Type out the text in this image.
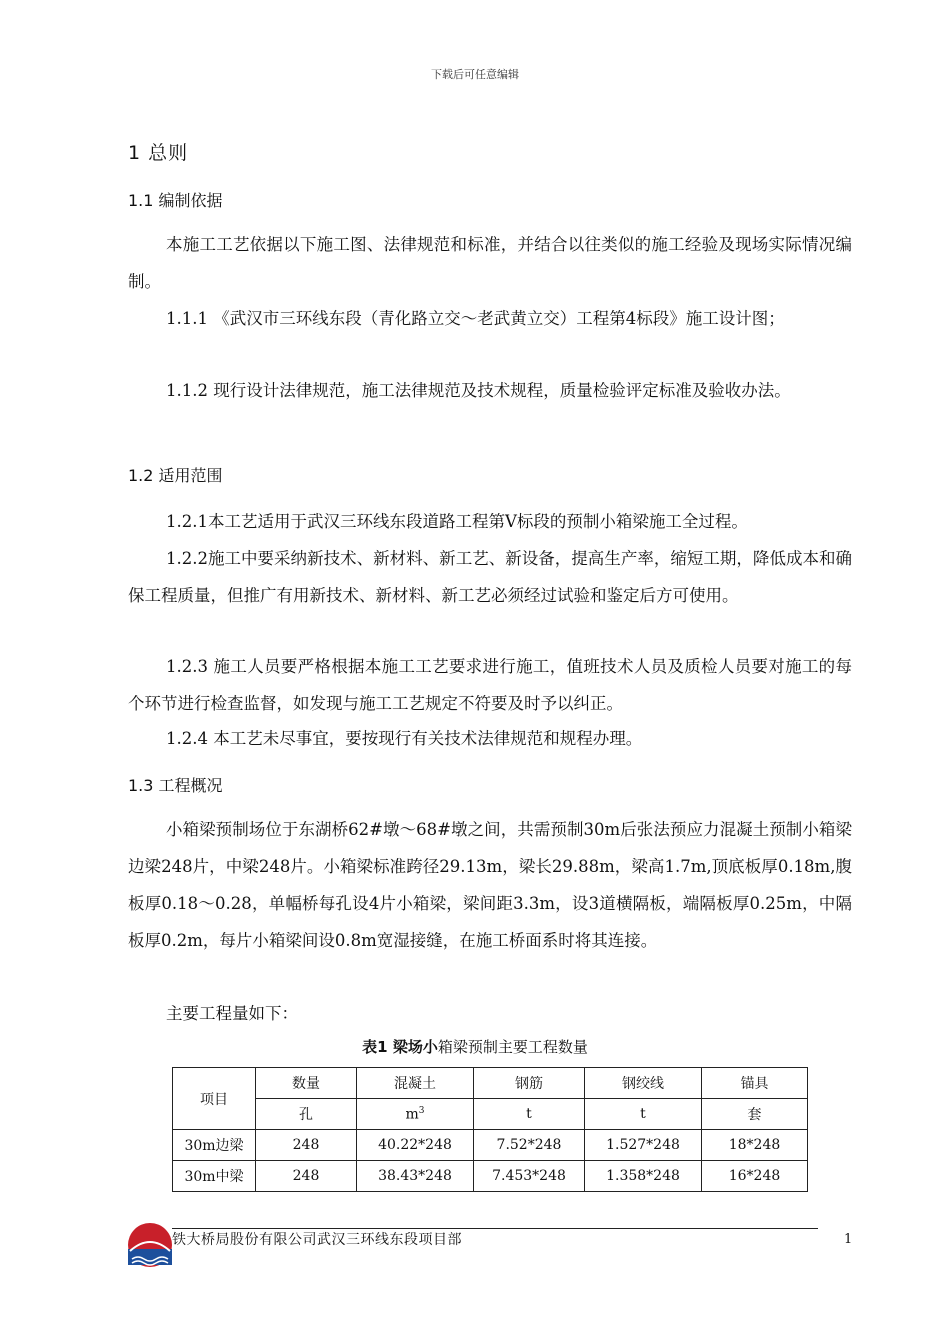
下载后可任意编辑
1 总则
1.1 编制依据
本施工工艺依据以下施工图、法律规范和标准，并结合以往类似的施工经验及现场实际情况编制。
1.1.1 《武汉市三环线东段（青化路立交～老武黄立交）工程第4标段》施工设计图；
1.1.2 现行设计法律规范，施工法律规范及技术规程，质量检验评定标准及验收办法。
1.2 适用范围
1.2.1本工艺适用于武汉三环线东段道路工程第Ⅴ标段的预制小箱梁施工全过程。
1.2.2施工中要采纳新技术、新材料、新工艺、新设备，提高生产率，缩短工期，降低成本和确保工程质量，但推广有用新技术、新材料、新工艺必须经过试验和鉴定后方可使用。
1.2.3 施工人员要严格根据本施工工艺要求进行施工，值班技术人员及质检人员要对施工的每个环节进行检查监督，如发现与施工工艺规定不符要及时予以纠正。
1.2.4 本工艺未尽事宜，要按现行有关技术法律规范和规程办理。
1.3 工程概况
小箱梁预制场位于东湖桥62#墩～68#墩之间，共需预制30m后张法预应力混凝土预制小箱梁边梁248片，中梁248片。小箱梁标准跨径29.13m，梁长29.88m，梁高1.7m,顶底板厚0.18m,腹板厚0.18～0.28，单幅桥每孔设4片小箱梁，梁间距3.3m，设3道横隔板，端隔板厚0.25m，中隔板厚0.2m，每片小箱梁间设0.8m宽湿接缝，在施工桥面系时将其连接。
主要工程量如下：
表1 梁场小箱梁预制主要工程数量
项目	数量	混凝土	钢筋	钢绞线	锚具
	孔	$m^3$	t	t	套
30m边梁	248	40.22*248	7.52*248	1.527*248	18*248
30m中梁	248	38.43*248	7.453*248	1.358*248	16*248
铁大桥局股份有限公司武汉三环线东段项目部	1
